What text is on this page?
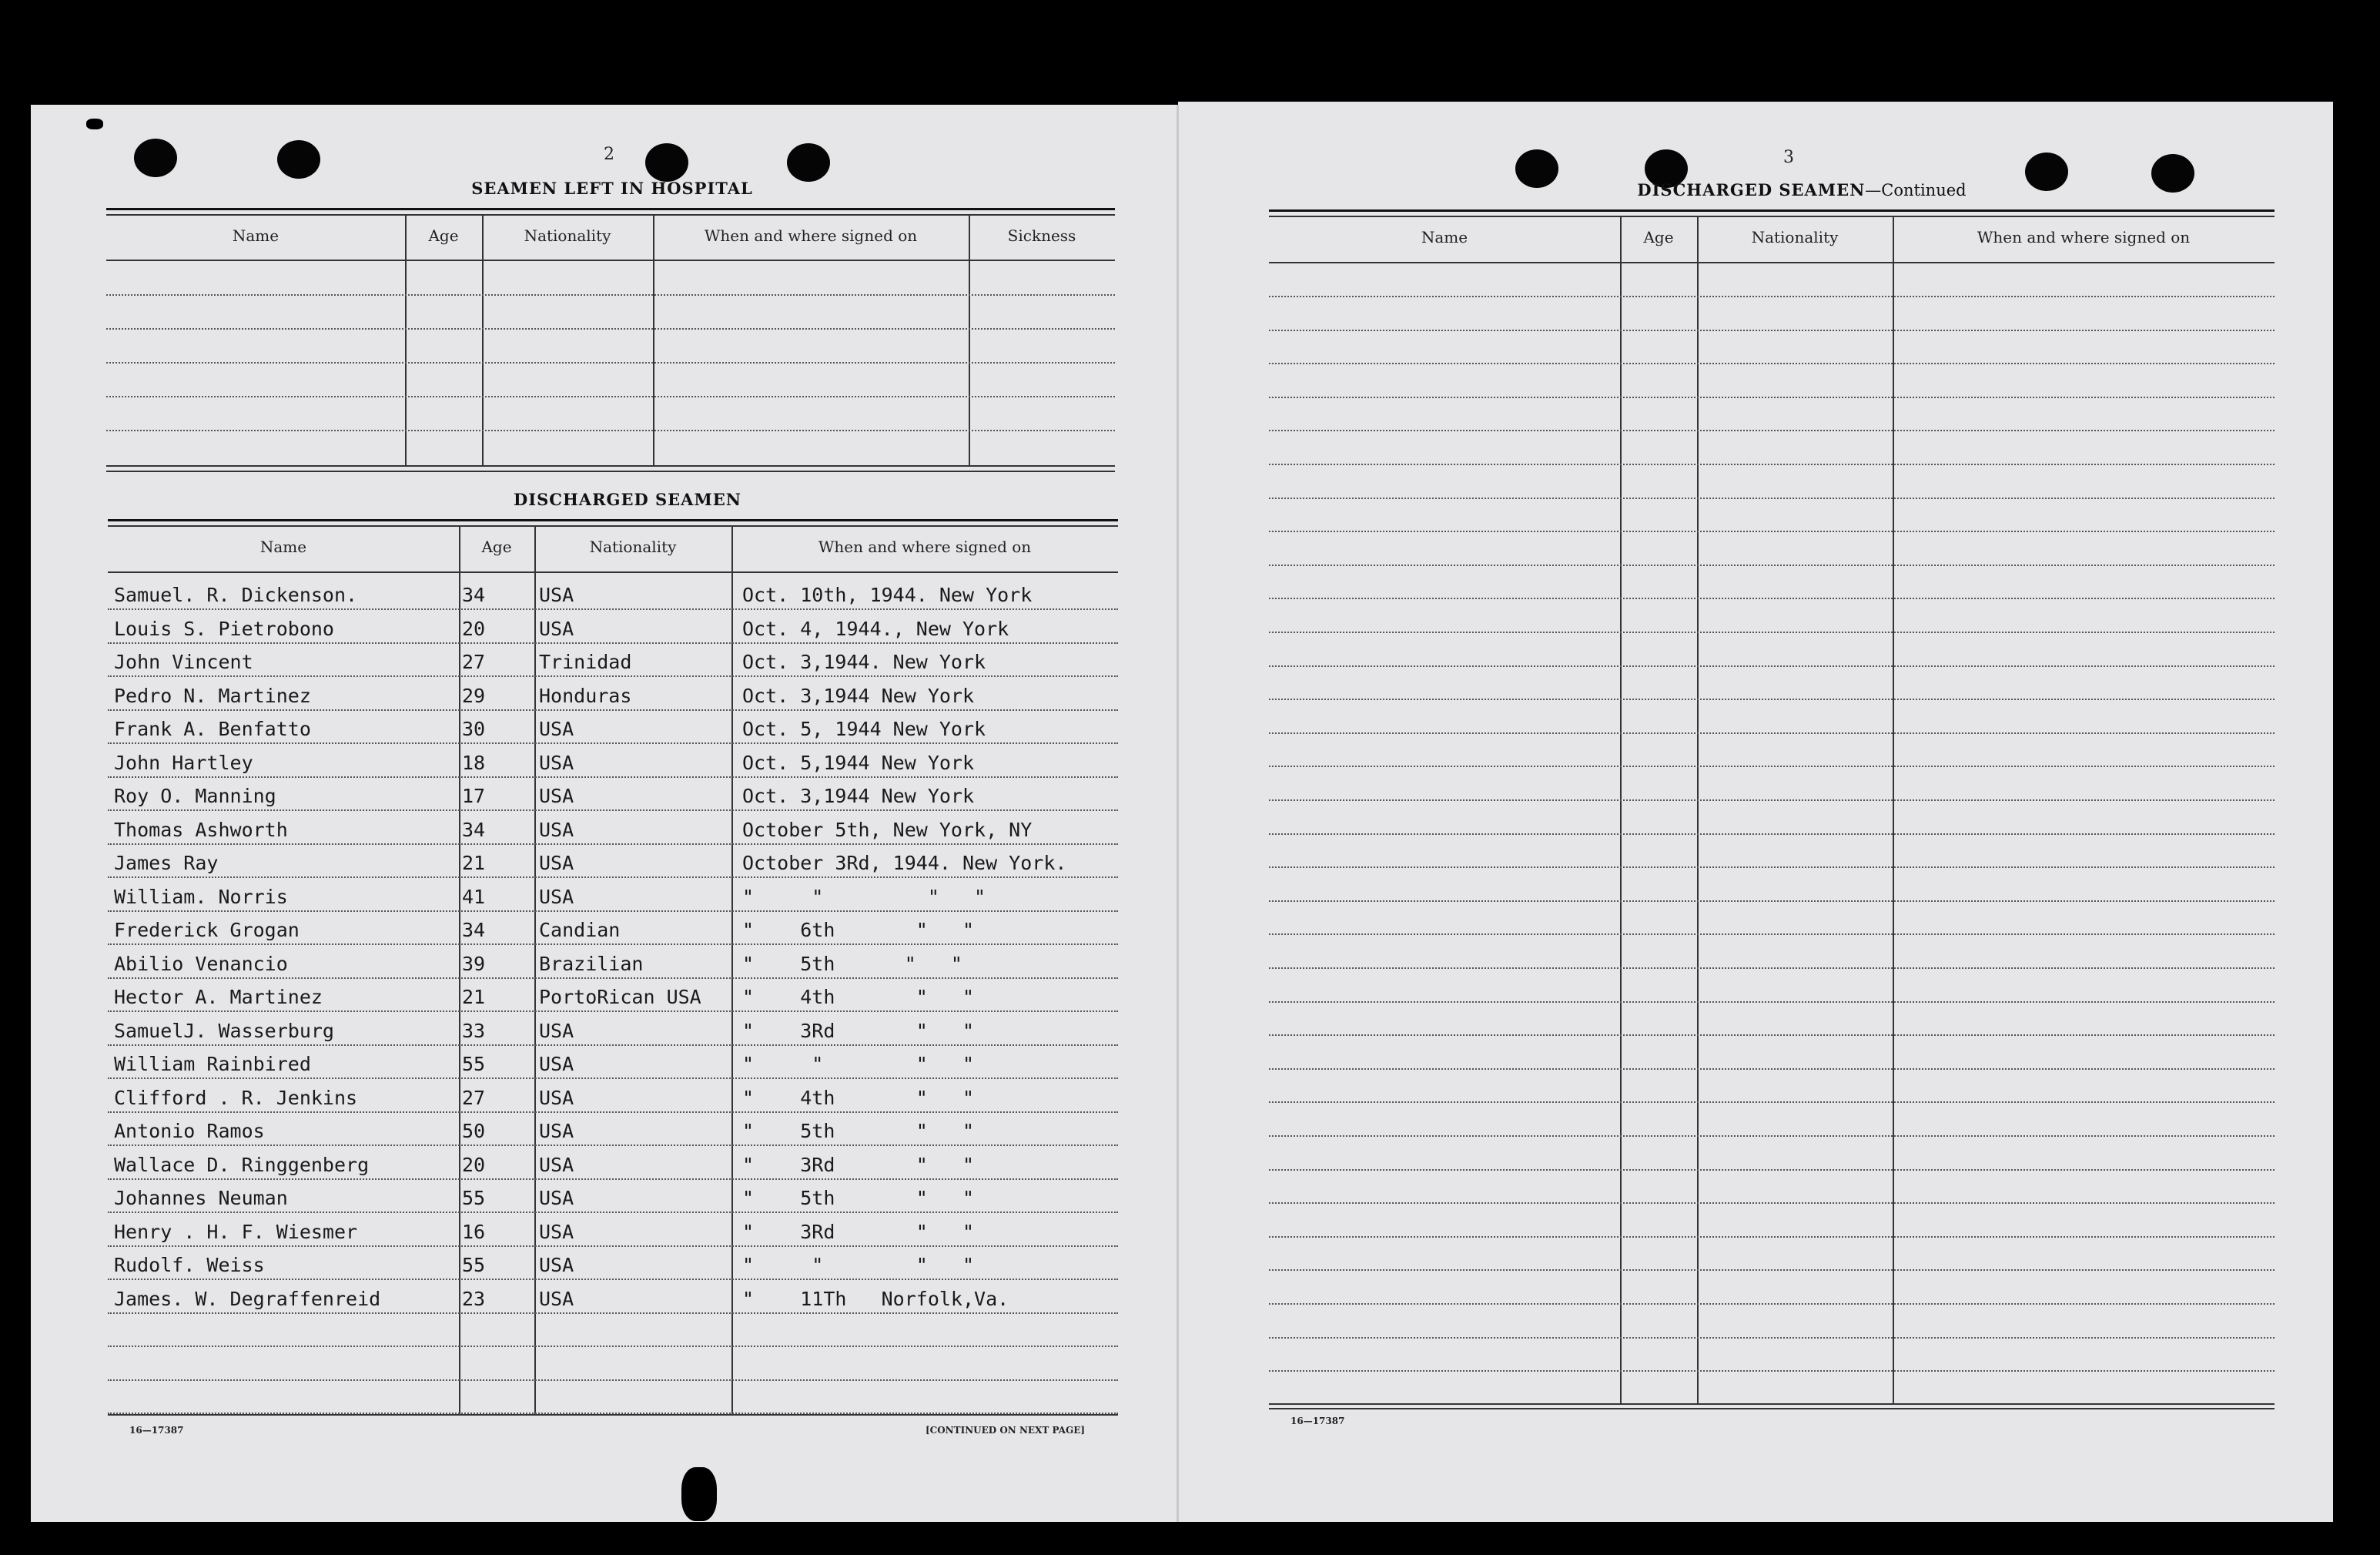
2
SEAMEN LEFT IN HOSPITAL
Name	Age	Nationality	When and where signed on	Sickness
DISCHARGED SEAMEN
Name	Age	Nationality	When and where signed on
Samuel. R. Dickenson.	34	USA	Oct. 10th, 1944. New York
Louis S. Pietrobono	20	USA	Oct. 4, 1944., New York
John Vincent	27	Trinidad	Oct. 3,1944. New York
Pedro N. Martinez	29	Honduras	Oct. 3,1944 New York
Frank A. Benfatto	30	USA	Oct. 5, 1944 New York
John Hartley	18	USA	Oct. 5,1944 New York
Roy O. Manning	17	USA	Oct. 3,1944 New York
Thomas Ashworth	34	USA	October 5th, New York, NY
James Ray	21	USA	October 3Rd, 1944. New York.
William. Norris	41	USA	"     "         "   "
Frederick Grogan	34	Candian	"    6th       "   "
Abilio Venancio	39	Brazilian	"    5th      "   "
Hector A. Martinez	21	PortoRican USA "    4th       "   "
SamuelJ. Wasserburg	33	USA	"    3Rd       "   "
William Rainbired	55	USA	"     "        "   "
Clifford . R. Jenkins	27	USA	"    4th       "   "
Antonio Ramos	50	USA	"    5th       "   "
Wallace D. Ringgenberg	20	USA	"    3Rd       "   "
Johannes Neuman	55	USA	"    5th       "   "
Henry . H. F. Wiesmer	16	USA	"    3Rd       "   "
Rudolf. Weiss	55	USA	"     "        "   "
James. W. Degraffenreid	23	USA	"    11Th   Norfolk,Va.
16—17387	[CONTINUED ON NEXT PAGE]
3
DISCHARGED SEAMEN—Continued
Name	Age	Nationality	When and where signed on
16—17387
